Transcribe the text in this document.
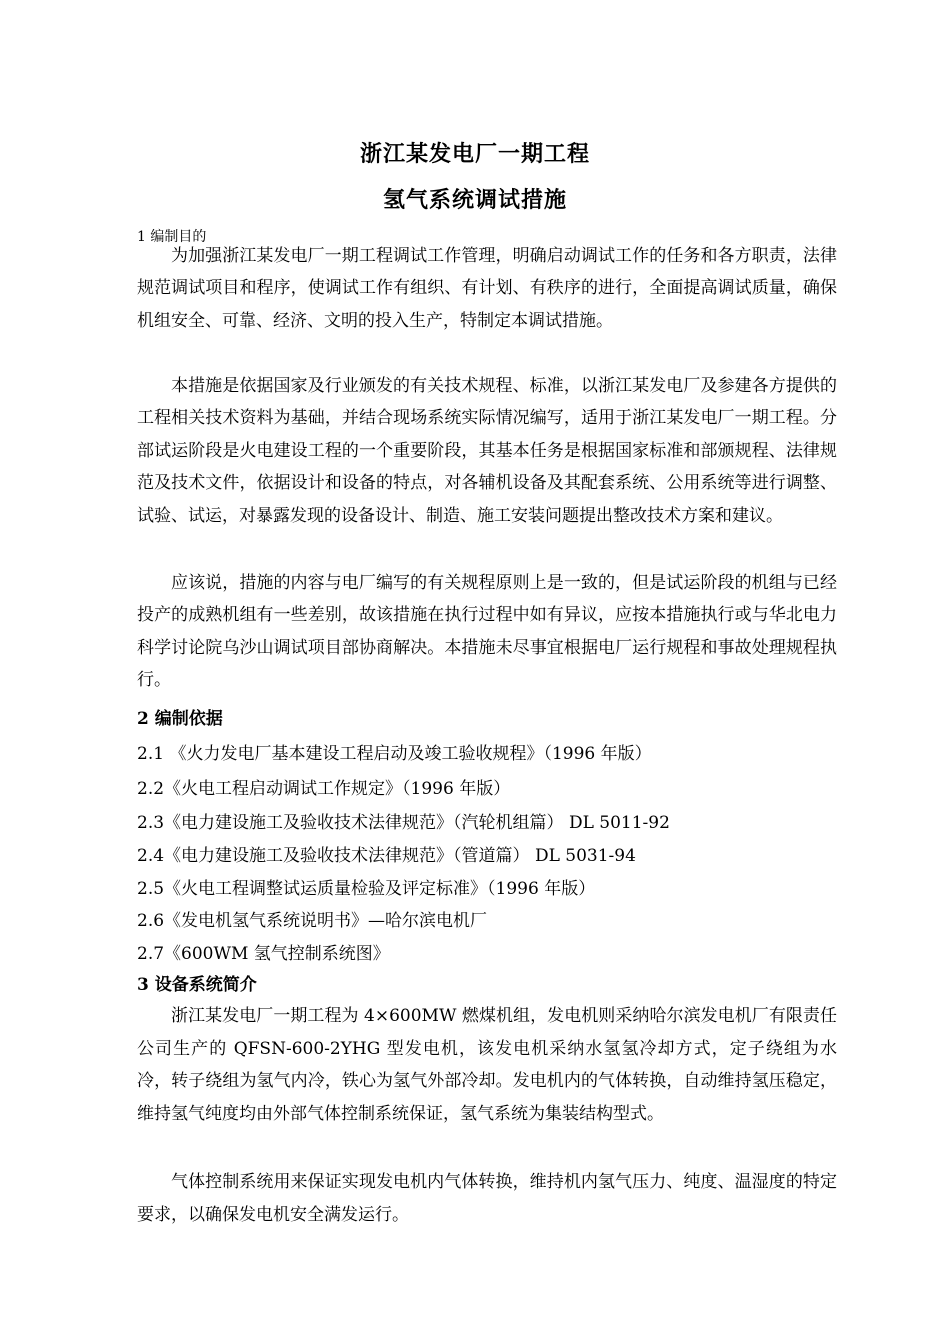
浙江某发电厂一期工程
氢气系统调试措施
1 编制目的

为加强浙江某发电厂一期工程调试工作管理，明确启动调试工作的任务和各方职责，法律规范调试项目和程序，使调试工作有组织、有计划、有秩序的进行，全面提高调试质量，确保机组安全、可靠、经济、文明的投入生产，特制定本调试措施。

本措施是依据国家及行业颁发的有关技术规程、标准，以浙江某发电厂及参建各方提供的工程相关技术资料为基础，并结合现场系统实际情况编写，适用于浙江某发电厂一期工程。分部试运阶段是火电建设工程的一个重要阶段，其基本任务是根据国家标准和部颁规程、法律规范及技术文件，依据设计和设备的特点，对各辅机设备及其配套系统、公用系统等进行调整、试验、试运，对暴露发现的设备设计、制造、施工安装问题提出整改技术方案和建议。

应该说，措施的内容与电厂编写的有关规程原则上是一致的，但是试运阶段的机组与已经投产的成熟机组有一些差别，故该措施在执行过程中如有异议，应按本措施执行或与华北电力科学讨论院乌沙山调试项目部协商解决。本措施未尽事宜根据电厂运行规程和事故处理规程执行。

2 编制依据
2.1 《火力发电厂基本建设工程启动及竣工验收规程》（1996 年版）
2.2《火电工程启动调试工作规定》（1996 年版）
2.3《电力建设施工及验收技术法律规范》（汽轮机组篇） DL 5011-92
2.4《电力建设施工及验收技术法律规范》（管道篇） DL 5031-94
2.5《火电工程调整试运质量检验及评定标准》（1996 年版）
2.6《发电机氢气系统说明书》—哈尔滨电机厂
2.7《600WM 氢气控制系统图》
3 设备系统简介

浙江某发电厂一期工程为 4×600MW 燃煤机组，发电机则采纳哈尔滨发电机厂有限责任公司生产的 QFSN-600-2YHG 型发电机，该发电机采纳水氢氢冷却方式，定子绕组为水冷，转子绕组为氢气内冷，铁心为氢气外部冷却。发电机内的气体转换，自动维持氢压稳定，维持氢气纯度均由外部气体控制系统保证，氢气系统为集装结构型式。

气体控制系统用来保证实现发电机内气体转换，维持机内氢气压力、纯度、温湿度的特定要求，以确保发电机安全满发运行。
